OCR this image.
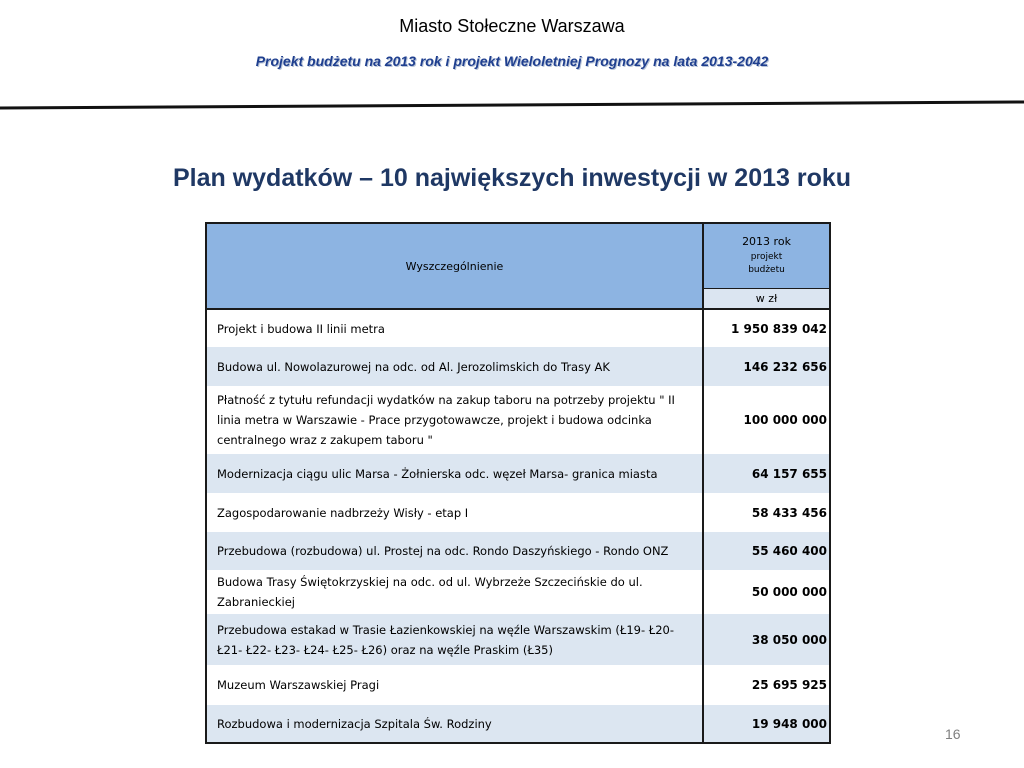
Miasto Stołeczne Warszawa
Projekt budżetu na 2013 rok i projekt Wieloletniej Prognozy na lata 2013-2042
Plan wydatków – 10 największych inwestycji w 2013 roku
Wyszczególnienie	2013 rok
projekt
budżetu

	w zł
Projekt i budowa II linii metra	1 950 839 042
Budowa ul. Nowolazurowej na odc. od Al. Jerozolimskich do Trasy AK	146 232 656
Płatność z tytułu refundacji wydatków na zakup taboru na potrzeby projektu " II linia metra w Warszawie - Prace przygotowawcze, projekt i budowa odcinka centralnego wraz z zakupem taboru "	100 000 000
Modernizacja ciągu ulic Marsa - Żołnierska odc. węzeł Marsa- granica miasta	64 157 655
Zagospodarowanie nadbrzeży Wisły - etap I	58 433 456
Przebudowa (rozbudowa) ul. Prostej na odc. Rondo Daszyńskiego - Rondo ONZ	55 460 400
Budowa Trasy Świętokrzyskiej na odc. od ul. Wybrzeże Szczecińskie do ul. Zabranieckiej	50 000 000
Przebudowa estakad w Trasie Łazienkowskiej na węźle Warszawskim (Ł19- Ł20- Ł21- Ł22- Ł23- Ł24- Ł25- Ł26) oraz na węźle Praskim (Ł35)	38 050 000
Muzeum Warszawskiej Pragi	25 695 925
Rozbudowa i modernizacja Szpitala Św. Rodziny	19 948 000
16
